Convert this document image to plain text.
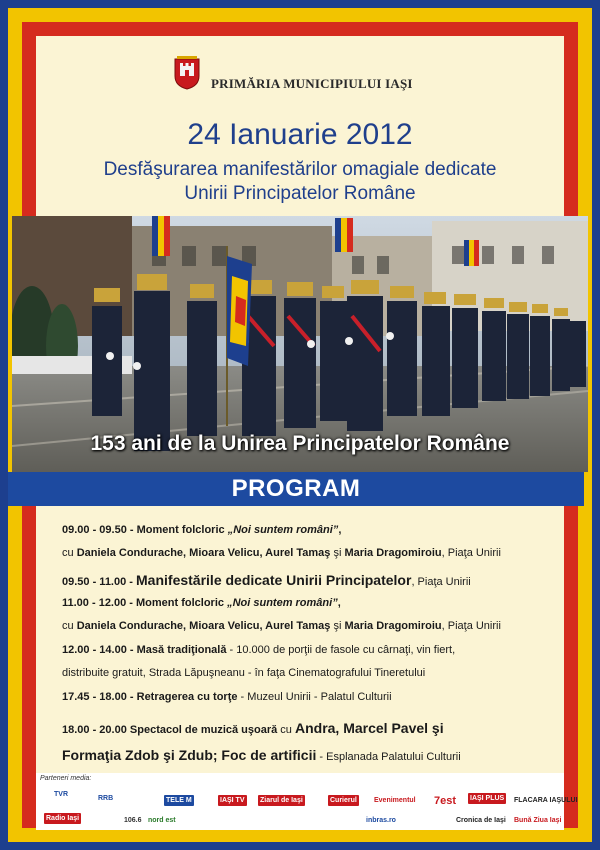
PRIMĂRIA MUNICIPIULUI IAŞI
24 Ianuarie 2012
Desfăşurarea manifestărilor omagiale dedicate
Unirii Principatelor Române
153 ani de la Unirea Principatelor Române
PROGRAM
09.00 - 09.50 - Moment folcloric „Noi suntem români”,
cu Daniela Condurache, Mioara Velicu, Aurel Tamaş şi Maria Dragomiroiu, Piaţa Unirii
09.50 - 11.00 - Manifestările dedicate Unirii Principatelor, Piaţa Unirii
11.00 - 12.00 - Moment folcloric „Noi suntem români”,
cu Daniela Condurache, Mioara Velicu, Aurel Tamaş şi Maria Dragomiroiu, Piaţa Unirii
12.00 - 14.00 - Masă tradiţională - 10.000 de porţii de fasole cu cârnaţi, vin fiert,
distribuite gratuit, Strada Lăpuşneanu - în faţa Cinematografului Tineretului
17.45 - 18.00 - Retragerea cu torţe - Muzeul Unirii - Palatul Culturii
18.00 - 20.00 Spectacol de muzică uşoară cu Andra, Marcel Pavel şi
Formaţia Zdob şi Zdub; Foc de artificii - Esplanada Palatului Culturii
Parteneri media:
TVR
Radio Iaşi
RRB
106.6 nord est
TELE M	IAŞI TV Ziarul de Iaşi	Curierul Evenimentul 7est IAŞI PLUS FLACARA IAŞULUI
Cronica de Iaşi Bună Ziua Iaşi
inbras.ro
